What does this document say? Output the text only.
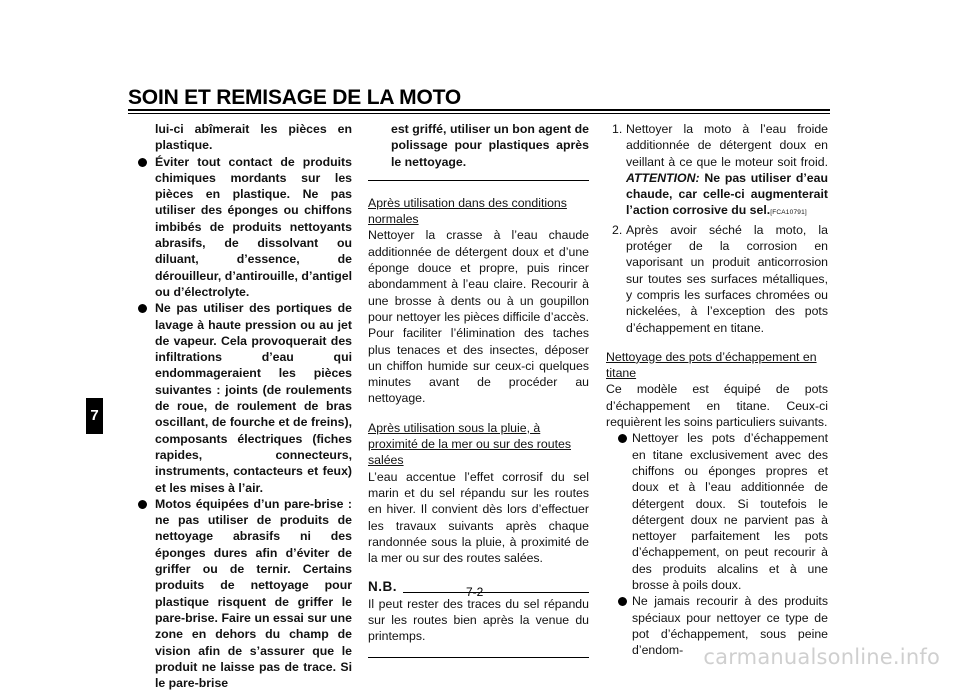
SOIN ET REMISAGE DE LA MOTO
7
lui-ci abîmerait les pièces en plastique.
Éviter tout contact de produits chimiques mordants sur les pièces en plastique. Ne pas utiliser des éponges ou chiffons imbibés de produits nettoyants abrasifs, de dissolvant ou diluant, d’essence, de dérouilleur, d’antirouille, d’antigel ou d’électrolyte.
Ne pas utiliser des portiques de lavage à haute pression ou au jet de vapeur. Cela provoquerait des infiltrations d’eau qui endommageraient les pièces suivantes : joints (de roulements de roue, de roulement de bras oscillant, de fourche et de freins), composants électriques (fiches rapides, connecteurs, instruments, contacteurs et feux) et les mises à l’air.
Motos équipées d’un pare-brise : ne pas utiliser de produits de nettoyage abrasifs ni des éponges dures afin d’éviter de griffer ou de ternir. Certains produits de nettoyage pour plastique risquent de griffer le pare-brise. Faire un essai sur une zone en dehors du champ de vision afin de s’assurer que le produit ne laisse pas de trace. Si le pare-brise
est griffé, utiliser un bon agent de polissage pour plastiques après le nettoyage.
Après utilisation dans des conditions normales
Nettoyer la crasse à l’eau chaude additionnée de détergent doux et d’une éponge douce et propre, puis rincer abondamment à l’eau claire. Recourir à une brosse à dents ou à un goupillon pour nettoyer les pièces difficile d’accès. Pour faciliter l’élimination des taches plus tenaces et des insectes, déposer un chiffon humide sur ceux-ci quelques minutes avant de procéder au nettoyage.
Après utilisation sous la pluie, à proximité de la mer ou sur des routes salées
L’eau accentue l’effet corrosif du sel marin et du sel répandu sur les routes en hiver. Il convient dès lors d’effectuer les travaux suivants après chaque randonnée sous la pluie, à proximité de la mer ou sur des routes salées.
N.B.
Il peut rester des traces du sel répandu sur les routes bien après la venue du printemps.
1. Nettoyer la moto à l’eau froide additionnée de détergent doux en veillant à ce que le moteur soit froid. ATTENTION: Ne pas utiliser d’eau chaude, car celle-ci augmenterait l’action corrosive du sel.[FCA10791]
2. Après avoir séché la moto, la protéger de la corrosion en vaporisant un produit anticorrosion sur toutes ses surfaces métalliques, y compris les surfaces chromées ou nickelées, à l’exception des pots d’échappement en titane.
Nettoyage des pots d’échappement en titane
Ce modèle est équipé de pots d’échappement en titane. Ceux-ci requièrent les soins particuliers suivants.
Nettoyer les pots d’échappement en titane exclusivement avec des chiffons ou éponges propres et doux et à l’eau additionnée de détergent doux. Si toutefois le détergent doux ne parvient pas à nettoyer parfaitement les pots d’échappement, on peut recourir à des produits alcalins et à une brosse à poils doux.
Ne jamais recourir à des produits spéciaux pour nettoyer ce type de pot d’échappement, sous peine d’endom-
7-2
carmanualsonline.info
